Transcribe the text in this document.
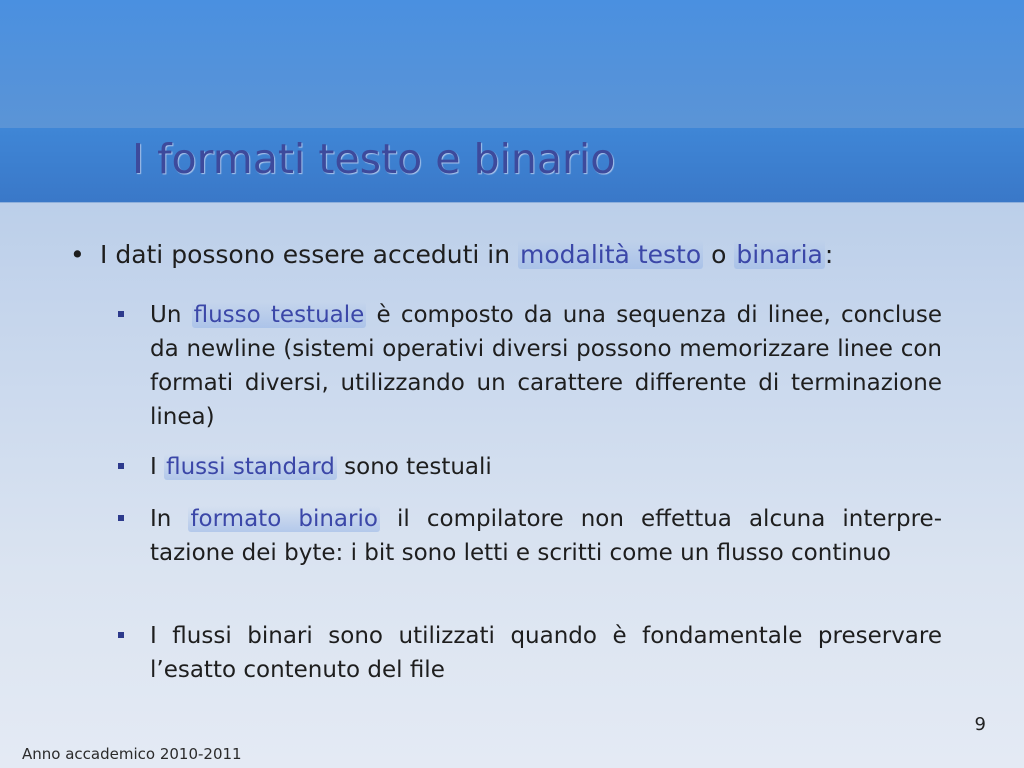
I formati testo e binario
• I dati possono essere acceduti in modalità testo o binaria:
Un flusso testuale è composto da una sequenza di linee, concluse da newline (sistemi operativi diversi possono memorizzare linee con formati diversi, utilizzando un carattere differente di terminazione linea)
I flussi standard sono testuali
In formato binario il compilatore non effettua alcuna interpre-tazione dei byte: i bit sono letti e scritti come un flusso continuo
I flussi binari sono utilizzati quando è fondamentale preservare l’esatto contenuto del file
9
Anno accademico 2010-2011
